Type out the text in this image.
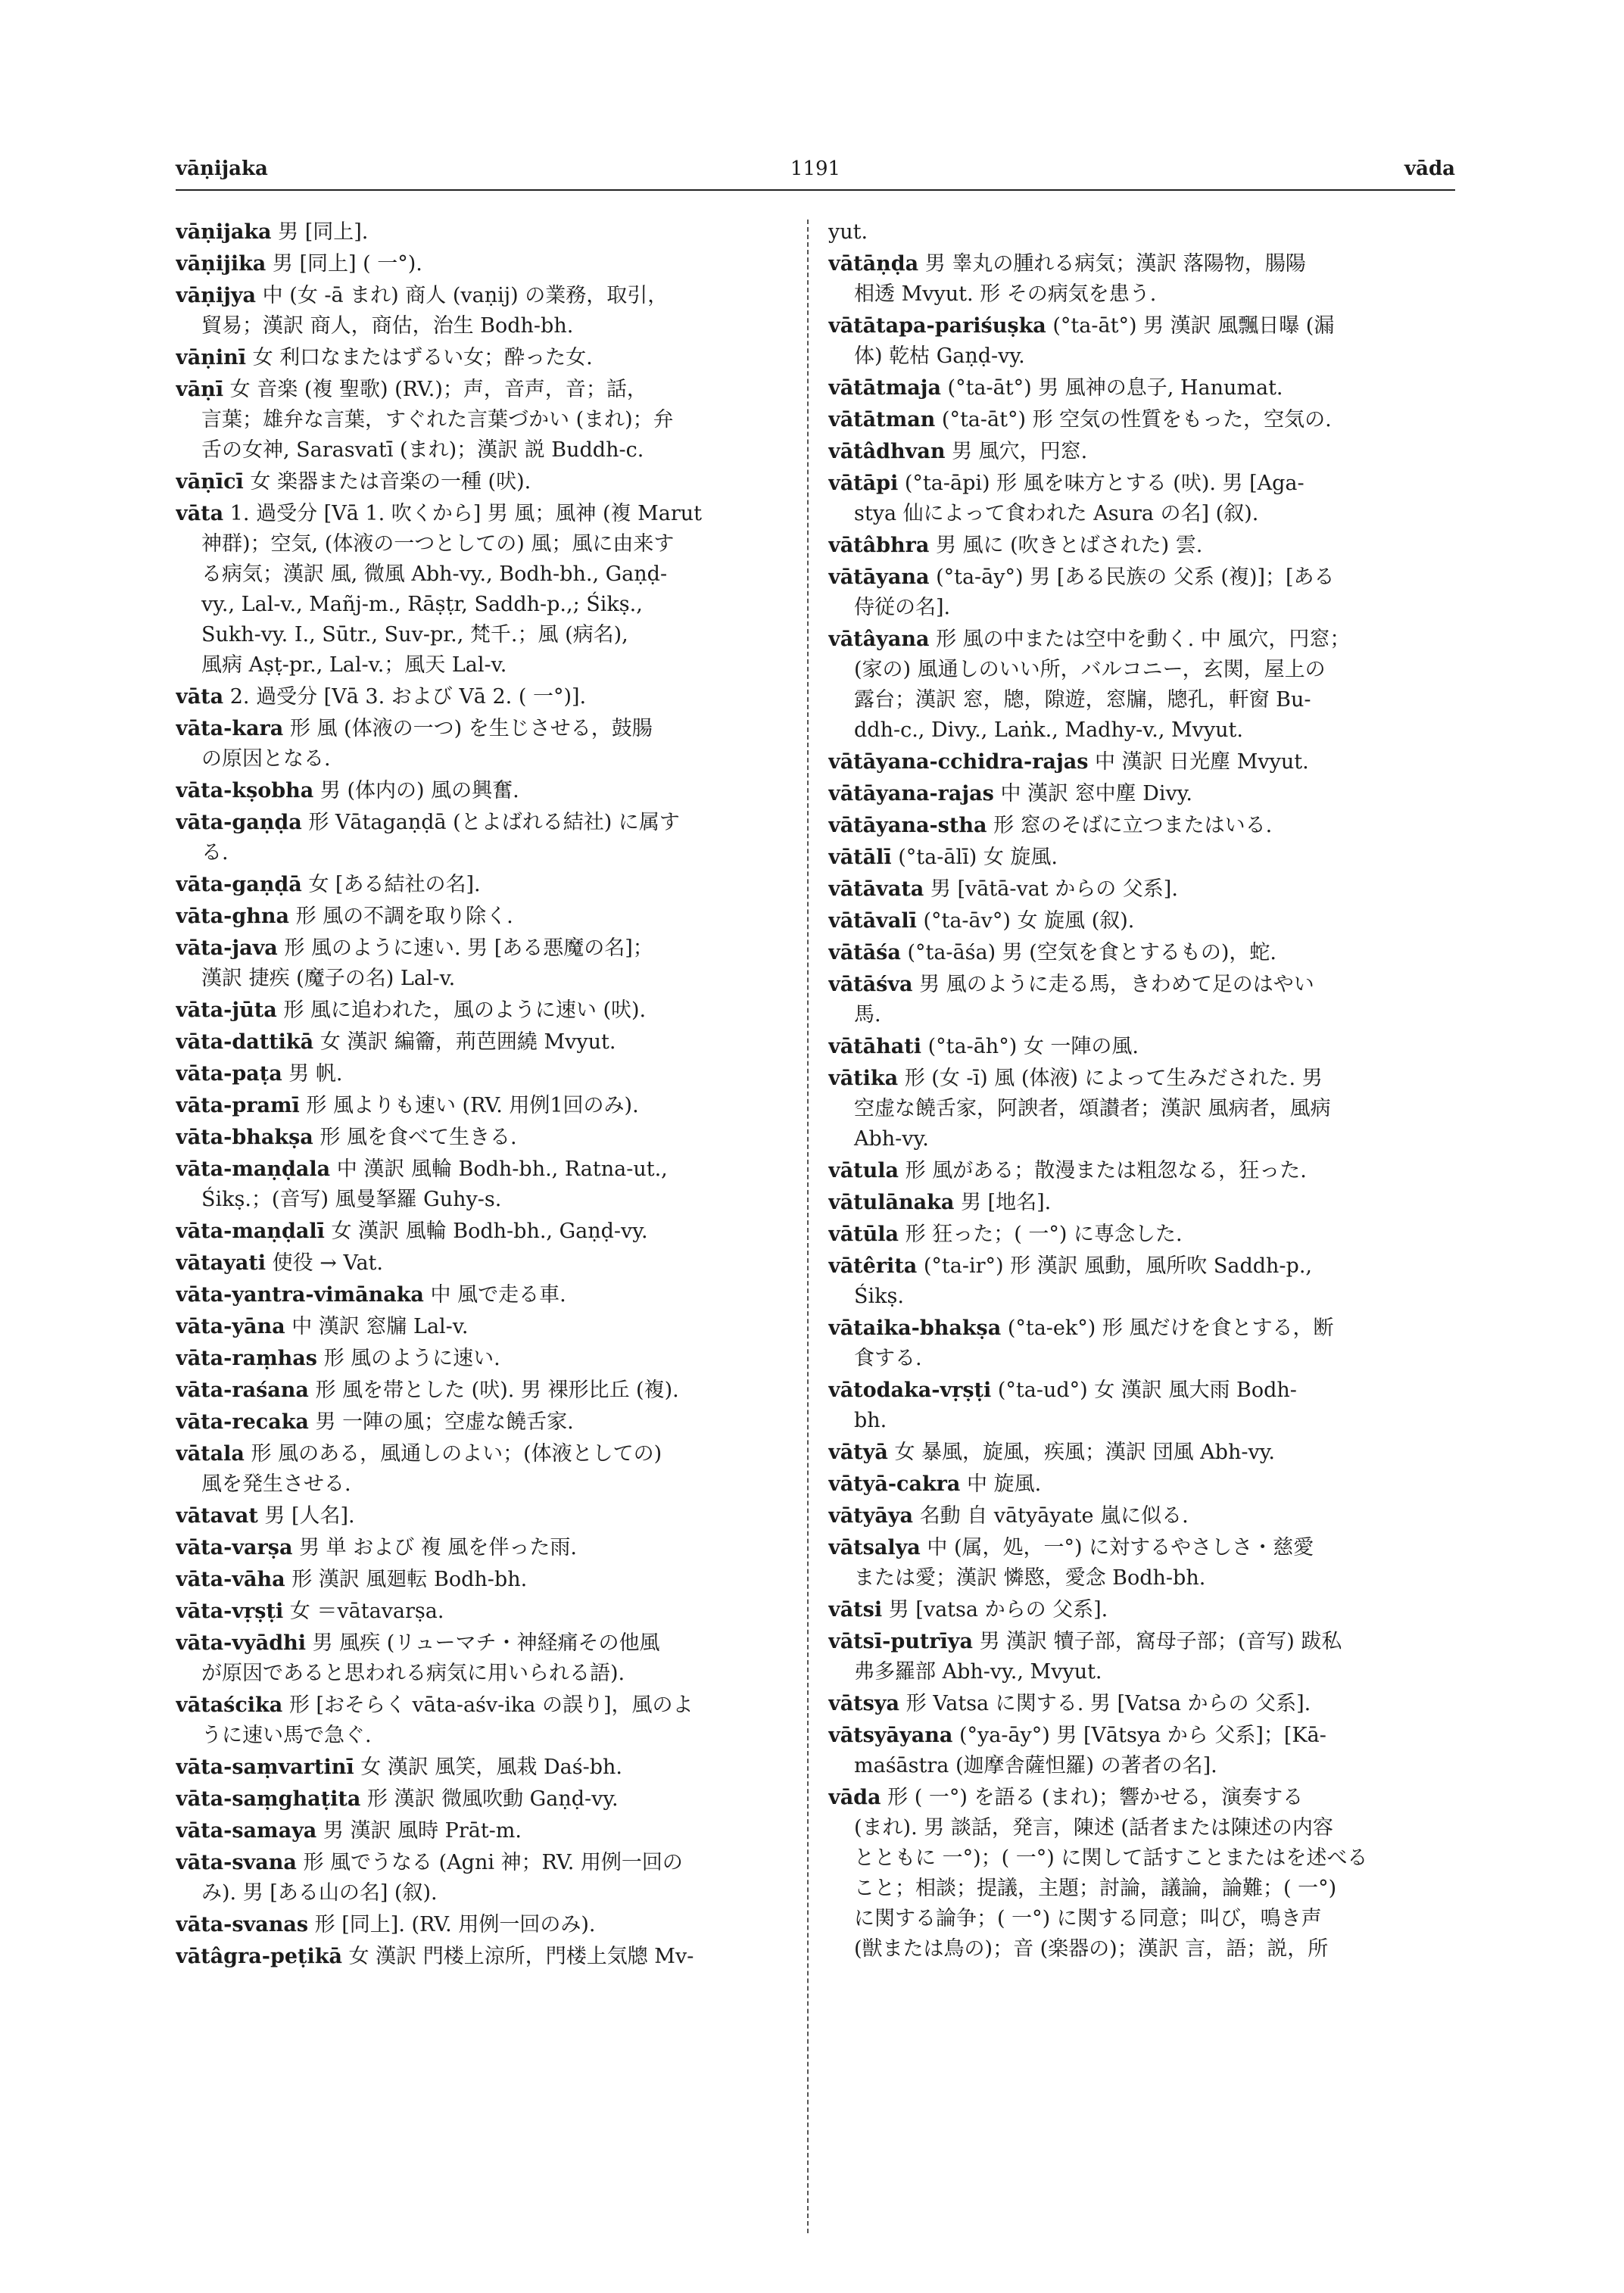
vāṇijaka	1191	vāda
vāṇijaka 男 [同上].
vāṇijika 男 [同上] ( 一°).
vāṇijya 中 (女 -ā まれ) 商人 (vaṇij) の業務，取引，
貿易；漢訳 商人，商估，治生 Bodh-bh.
vāṇinī 女 利口なまたはずるい女；酔った女.
vāṇī 女 音楽 (複 聖歌) (RV.)；声，音声，音；話，
言葉；雄弁な言葉，すぐれた言葉づかい (まれ)；弁
舌の女神, Sarasvatī (まれ)；漢訳 説 Buddh-c.
vāṇīcī 女 楽器または音楽の一種 (吠).
vāta 1. 過受分 [Vā 1. 吹くから] 男 風；風神 (複 Marut
神群)；空気, (体液の一つとしての) 風；風に由来す
る病気；漢訳 風, 微風 Abh-vy., Bodh-bh., Gaṇḍ-
vy., Lal-v., Mañj-m., Rāṣṭr, Saddh-p.,; Śikṣ.,
Sukh-vy. I., Sūtr., Suv-pr., 梵千.；風 (病名),
風病 Aṣṭ-pr., Lal-v.；風天 Lal-v.
vāta 2. 過受分 [Vā 3. および Vā 2. ( 一°)].
vāta-kara 形 風 (体液の一つ) を生じさせる，鼓腸
の原因となる.
vāta-kṣobha 男 (体内の) 風の興奮.
vāta-gaṇḍa 形 Vātagaṇḍā (とよばれる結社) に属す
る.
vāta-gaṇḍā 女 [ある結社の名].
vāta-ghna 形 風の不調を取り除く.
vāta-java 形 風のように速い. 男 [ある悪魔の名]；
漢訳 捷疾 (魔子の名) Lal-v.
vāta-jūta 形 風に追われた，風のように速い (吠).
vāta-dattikā 女 漢訳 編籥，荊芭囲繞 Mvyut.
vāta-paṭa 男 帆.
vāta-pramī 形 風よりも速い (RV. 用例1回のみ).
vāta-bhakṣa 形 風を食べて生きる.
vāta-maṇḍala 中 漢訳 風輪 Bodh-bh., Ratna-ut.,
Śikṣ.；(音写) 風曼拏羅 Guhy-s.
vāta-maṇḍalī 女 漢訳 風輪 Bodh-bh., Gaṇḍ-vy.
vātayati 使役 → Vat.
vāta-yantra-vimānaka 中 風で走る車.
vāta-yāna 中 漢訳 窓牖 Lal-v.
vāta-raṃhas 形 風のように速い.
vāta-raśana 形 風を帯とした (吠). 男 裸形比丘 (複).
vāta-recaka 男 一陣の風；空虚な饒舌家.
vātala 形 風のある，風通しのよい；(体液としての)
風を発生させる.
vātavat 男 [人名].
vāta-varṣa 男 単 および 複 風を伴った雨.
vāta-vāha 形 漢訳 風廻転 Bodh-bh.
vāta-vṛṣṭi 女 ＝vātavarṣa.
vāta-vyādhi 男 風疾 (リューマチ・神経痛その他風
が原因であると思われる病気に用いられる語).
vātaścika 形 [おそらく vāta-aśv-ika の誤り]，風のよ
うに速い馬で急ぐ.
vāta-saṃvartinī 女 漢訳 風笑，風栽 Daś-bh.
vāta-saṃghaṭita 形 漢訳 微風吹動 Gaṇḍ-vy.
vāta-samaya 男 漢訳 風時 Prāt-m.
vāta-svana 形 風でうなる (Agni 神；RV. 用例一回の
み). 男 [ある山の名] (叙).
vāta-svanas 形 [同上]. (RV. 用例一回のみ).
vātâgra-peṭikā 女 漢訳 門楼上涼所，門楼上気牕 Mv-
yut.
vātāṇḍa 男 睾丸の腫れる病気；漢訳 落陽物，腸陽
相透 Mvyut. 形 その病気を患う.
vātātapa-pariśuṣka (°ta-āt°) 男 漢訳 風飄日曝 (漏
体) 乾枯 Gaṇḍ-vy.
vātātmaja (°ta-āt°) 男 風神の息子, Hanumat.
vātātman (°ta-āt°) 形 空気の性質をもった，空気の.
vātâdhvan 男 風穴，円窓.
vātāpi (°ta-āpi) 形 風を味方とする (吠). 男 [Aga-
stya 仙によって食われた Asura の名] (叙).
vātâbhra 男 風に (吹きとばされた) 雲.
vātāyana (°ta-āy°) 男 [ある民族の 父系 (複)]；[ある
侍従の名].
vātâyana 形 風の中または空中を動く. 中 風穴，円窓；
(家の) 風通しのいい所，バルコニー，玄関，屋上の
露台；漢訳 窓，牕，隙遊，窓牖，牕孔，軒窗 Bu-
ddh-c., Divy., Laṅk., Madhy-v., Mvyut.
vātāyana-cchidra-rajas 中 漢訳 日光塵 Mvyut.
vātāyana-rajas 中 漢訳 窓中塵 Divy.
vātāyana-stha 形 窓のそばに立つまたはいる.
vātālī (°ta-ālī) 女 旋風.
vātāvata 男 [vātā-vat からの 父系].
vātāvalī (°ta-āv°) 女 旋風 (叙).
vātāśa (°ta-āśa) 男 (空気を食とするもの)，蛇.
vātāśva 男 風のように走る馬，きわめて足のはやい
馬.
vātāhati (°ta-āh°) 女 一陣の風.
vātika 形 (女 -ī) 風 (体液) によって生みだされた. 男
空虚な饒舌家，阿諛者，頌讃者；漢訳 風病者，風病
Abh-vy.
vātula 形 風がある；散漫または粗忽なる，狂った.
vātulānaka 男 [地名].
vātūla 形 狂った；( 一°) に専念した.
vātêrita (°ta-ir°) 形 漢訳 風動，風所吹 Saddh-p.,
Śikṣ.
vātaika-bhakṣa (°ta-ek°) 形 風だけを食とする，断
食する.
vātodaka-vṛṣṭi (°ta-ud°) 女 漢訳 風大雨 Bodh-
bh.
vātyā 女 暴風，旋風，疾風；漢訳 団風 Abh-vy.
vātyā-cakra 中 旋風.
vātyāya 名動 自 vātyāyate 嵐に似る.
vātsalya 中 (属，処，一°) に対するやさしさ・慈愛
または愛；漢訳 憐愍，愛念 Bodh-bh.
vātsi 男 [vatsa からの 父系].
vātsī-putrīya 男 漢訳 犢子部，窩母子部；(音写) 跋私
弗多羅部 Abh-vy., Mvyut.
vātsya 形 Vatsa に関する. 男 [Vatsa からの 父系].
vātsyāyana (°ya-āy°) 男 [Vātsya から 父系]；[Kā-
maśāstra (迦摩舎薩怛羅) の著者の名].
vāda 形 ( 一°) を語る (まれ)；響かせる，演奏する
(まれ). 男 談話，発言，陳述 (話者または陳述の内容
とともに 一°)；( 一°) に関して話すことまたはを述べる
こと；相談；提議，主題；討論，議論，論難；( 一°)
に関する論争；( 一°) に関する同意；叫び，鳴き声
(獣または鳥の)；音 (楽器の)；漢訳 言，語；説，所
